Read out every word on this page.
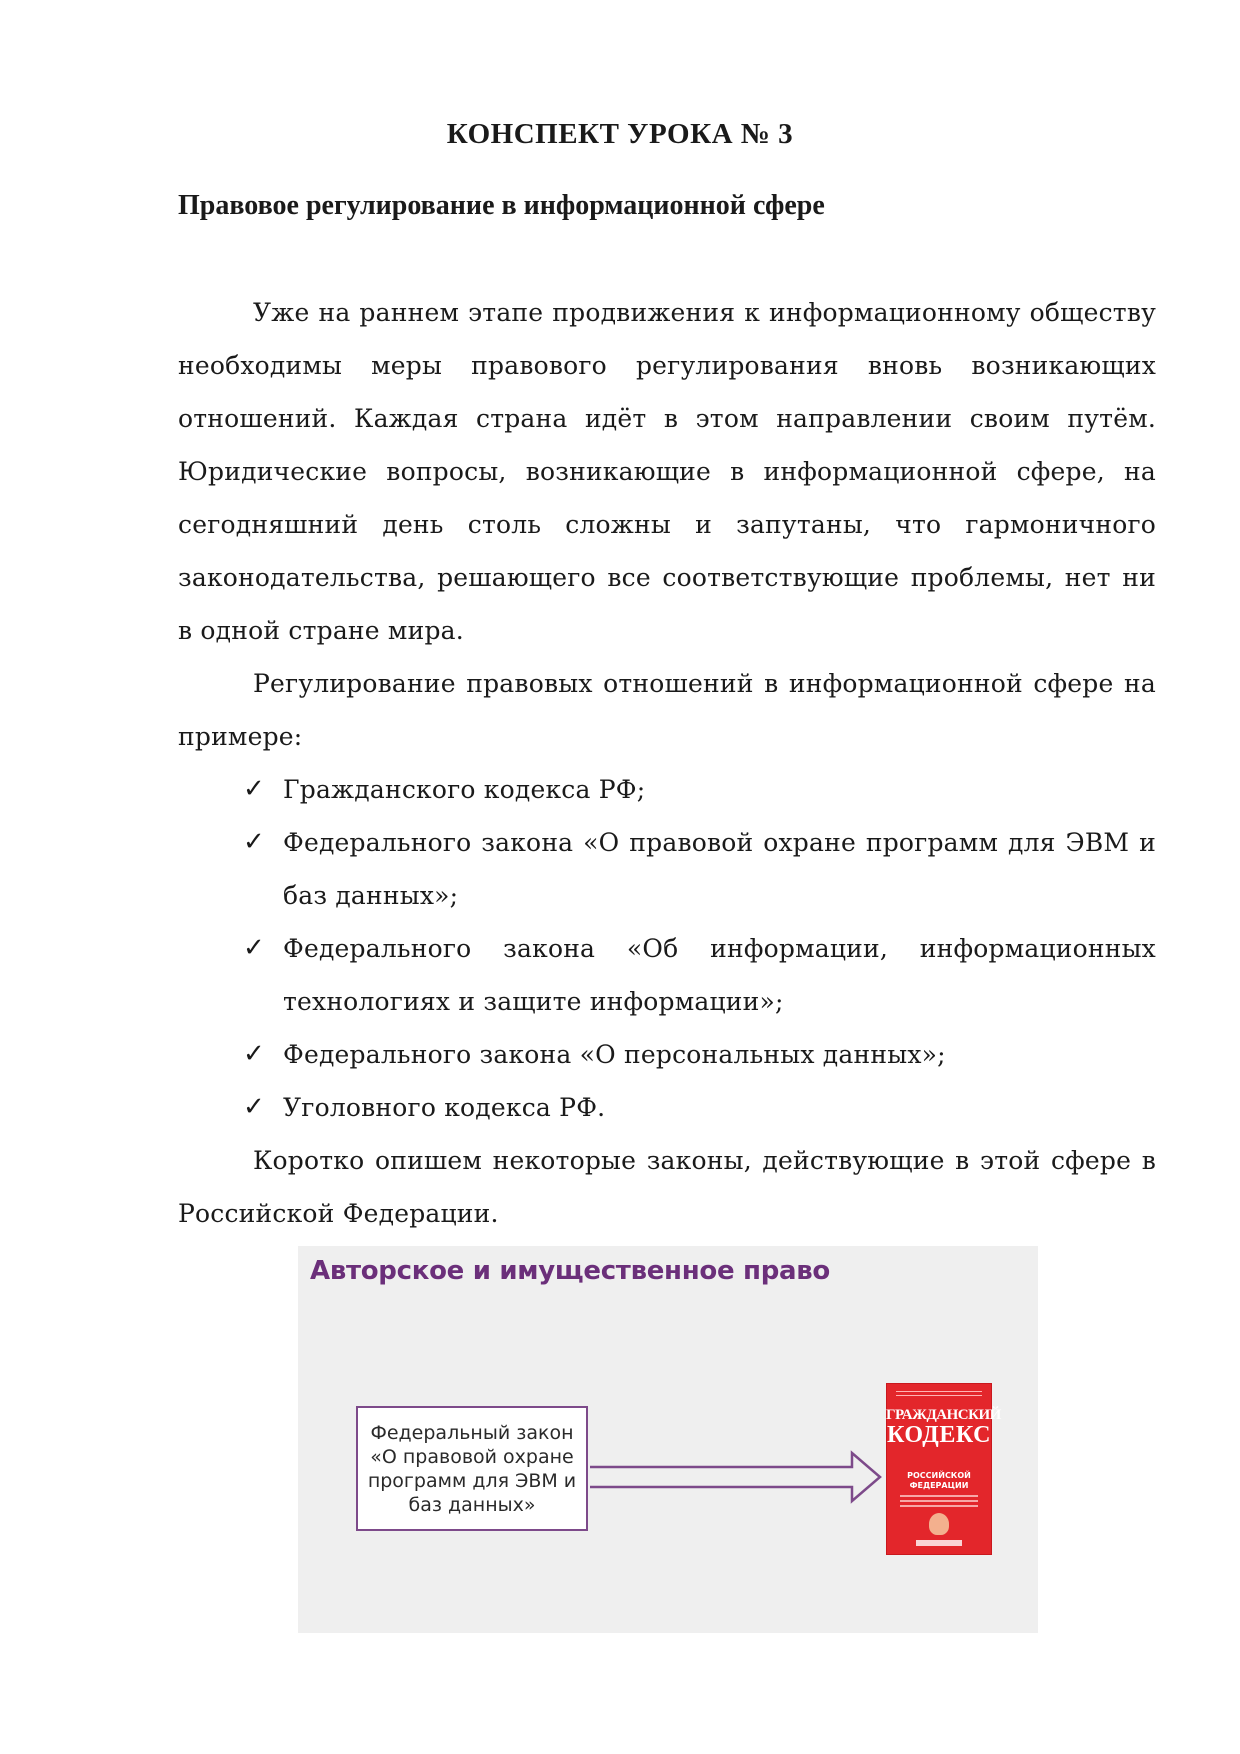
КОНСПЕКТ УРОКА № 3
Правовое регулирование в информационной сфере

Уже на раннем этапе продвижения к информационному обществу необходимы меры правового регулирования вновь возникающих отношений. Каждая страна идёт в этом направлении своим путём. Юридические вопросы, возникающие в информационной сфере, на сегодняшний день столь сложны и запутаны, что гармоничного законодательства, решающего все соответствующие проблемы, нет ни в одной стране мира.

Регулирование правовых отношений в информационной сфере на примере:

✓ Гражданского кодекса РФ;
✓ Федерального закона «О правовой охране программ для ЭВМ и баз данных»;
✓ Федерального закона «Об информации, информационных технологиях и защите информации»;
✓ Федерального закона «О персональных данных»;
✓ Уголовного кодекса РФ.

Коротко опишем некоторые законы, действующие в этой сфере в Российской Федерации.

Авторское и имущественное право
Федеральный закон
«О правовой охране
программ для ЭВМ и
баз данных»
ГРАЖДАНСКИЙ
КОДЕКС
РОССИЙСКОЙ
ФЕДЕРАЦИИ
